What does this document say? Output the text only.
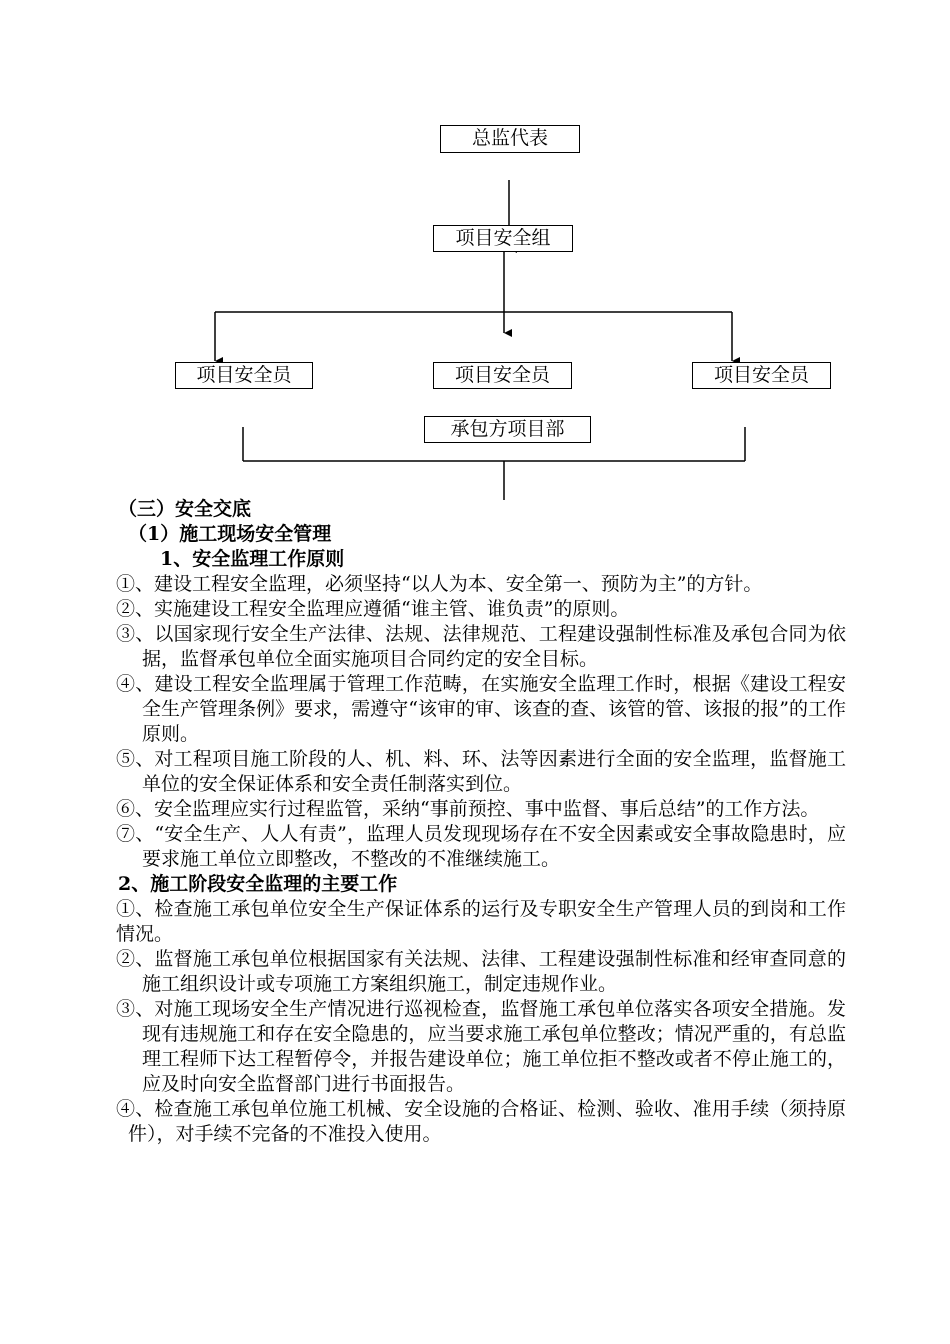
总监代表
项目安全组
项目安全员	项目安全员	项目安全员
承包方项目部
（三）安全交底
（1）施工现场安全管理
1、安全监理工作原则
①、建设工程安全监理，必须坚持“以人为本、安全第一、预防为主”的方针。
②、实施建设工程安全监理应遵循“谁主管、谁负责”的原则。
③、以国家现行安全生产法律、法规、法律规范、工程建设强制性标准及承包合同为依据，监督承包单位全面实施项目合同约定的安全目标。
④、建设工程安全监理属于管理工作范畴，在实施安全监理工作时，根据《建设工程安全生产管理条例》要求，需遵守“该审的审、该查的查、该管的管、该报的报”的工作原则。
⑤、对工程项目施工阶段的人、机、料、环、法等因素进行全面的安全监理，监督施工单位的安全保证体系和安全责任制落实到位。
⑥、安全监理应实行过程监管，采纳“事前预控、事中监督、事后总结”的工作方法。
⑦、“安全生产、人人有责”，监理人员发现现场存在不安全因素或安全事故隐患时，应要求施工单位立即整改，不整改的不准继续施工。
2、施工阶段安全监理的主要工作
①、检查施工承包单位安全生产保证体系的运行及专职安全生产管理人员的到岗和工作情况。
②、监督施工承包单位根据国家有关法规、法律、工程建设强制性标准和经审查同意的施工组织设计或专项施工方案组织施工，制定违规作业。
③、对施工现场安全生产情况进行巡视检查，监督施工承包单位落实各项安全措施。发现有违规施工和存在安全隐患的，应当要求施工承包单位整改；情况严重的，有总监理工程师下达工程暂停令，并报告建设单位；施工单位拒不整改或者不停止施工的，应及时向安全监督部门进行书面报告。
④、检查施工承包单位施工机械、安全设施的合格证、检测、验收、准用手续（须持原件），对手续不完备的不准投入使用。
